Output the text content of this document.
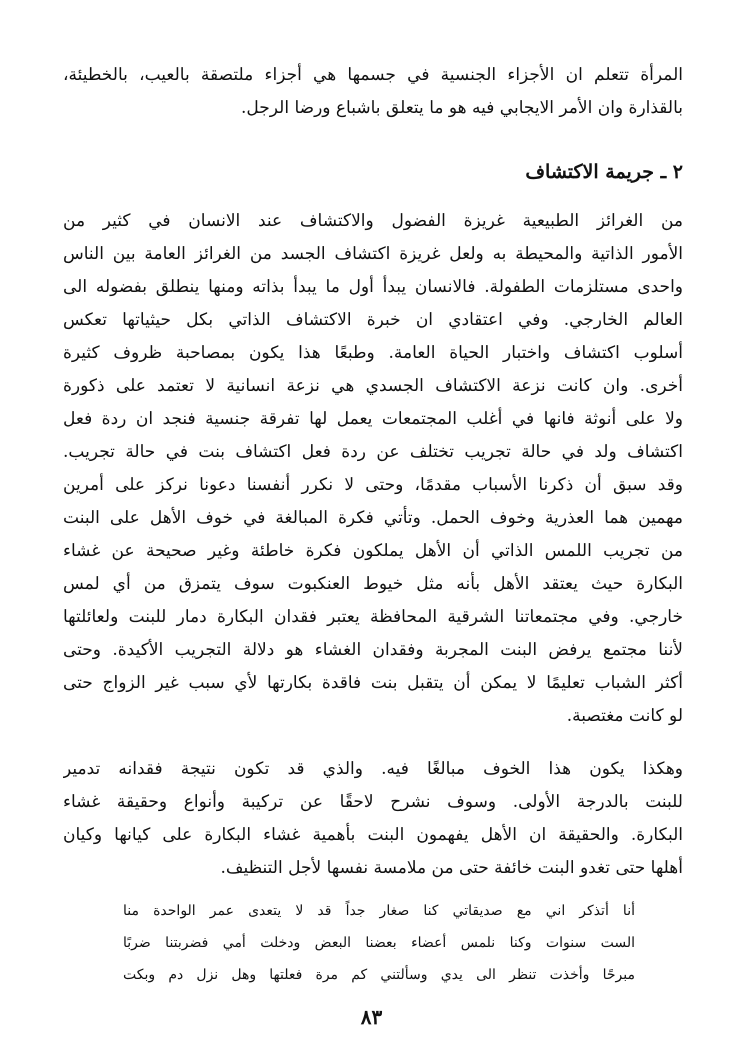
المرأة تتعلم ان الأجزاء الجنسية في جسمها هي أجزاء ملتصقة بالعيب، بالخطيئة،
بالقذارة وان الأمر الايجابي فيه هو ما يتعلق باشباع ورضا الرجل.
٢ ـ جريمة الاكتشاف
من الغرائز الطبيعية غريزة الفضول والاكتشاف عند الانسان في كثير من
الأمور الذاتية والمحيطة به ولعل غريزة اكتشاف الجسد من الغرائز العامة بين الناس
واحدى مستلزمات الطفولة. فالانسان يبدأ أول ما يبدأ بذاته ومنها ينطلق بفضوله الى
العالم الخارجي. وفي اعتقادي ان خبرة الاكتشاف الذاتي بكل حيثياتها تعكس
أسلوب اكتشاف واختبار الحياة العامة. وطبعًا هذا يكون بمصاحبة ظروف كثيرة
أخرى. وان كانت نزعة الاكتشاف الجسدي هي نزعة انسانية لا تعتمد على ذكورة
ولا على أنوثة فانها في أغلب المجتمعات يعمل لها تفرقة جنسية فنجد ان ردة فعل
اكتشاف ولد في حالة تجريب تختلف عن ردة فعل اكتشاف بنت في حالة تجريب.
وقد سبق أن ذكرنا الأسباب مقدمًا، وحتى لا نكرر أنفسنا دعونا نركز على أمرين
مهمين هما العذرية وخوف الحمل. وتأتي فكرة المبالغة في خوف الأهل على البنت
من تجريب اللمس الذاتي أن الأهل يملكون فكرة خاطئة وغير صحيحة عن غشاء
البكارة حيث يعتقد الأهل بأنه مثل خيوط العنكبوت سوف يتمزق من أي لمس
خارجي. وفي مجتمعاتنا الشرقية المحافظة يعتبر فقدان البكارة دمار للبنت ولعائلتها
لأننا مجتمع يرفض البنت المجربة وفقدان الغشاء هو دلالة التجريب الأكيدة. وحتى
أكثر الشباب تعليمًا لا يمكن أن يتقبل بنت فاقدة بكارتها لأي سبب غير الزواج حتى
لو كانت مغتصبة.
وهكذا يكون هذا الخوف مبالغًا فيه. والذي قد تكون نتيجة فقدانه تدمير
للبنت بالدرجة الأولى. وسوف نشرح لاحقًا عن تركيبة وأنواع وحقيقة غشاء
البكارة. والحقيقة ان الأهل يفهمون البنت بأهمية غشاء البكارة على كيانها وكيان
أهلها حتى تغدو البنت خائفة حتى من ملامسة نفسها لأجل التنظيف.
أنا أتذكر اني مع صديقاتي كنا صغار جداً قد لا يتعدى عمر الواحدة منا
الست سنوات وكنا نلمس أعضاء بعضنا البعض ودخلت أمي فضربتنا ضربًا
مبرحًا وأخذت تنظر الى يدي وسألتني كم مرة فعلتها وهل نزل دم وبكت
٨٣
